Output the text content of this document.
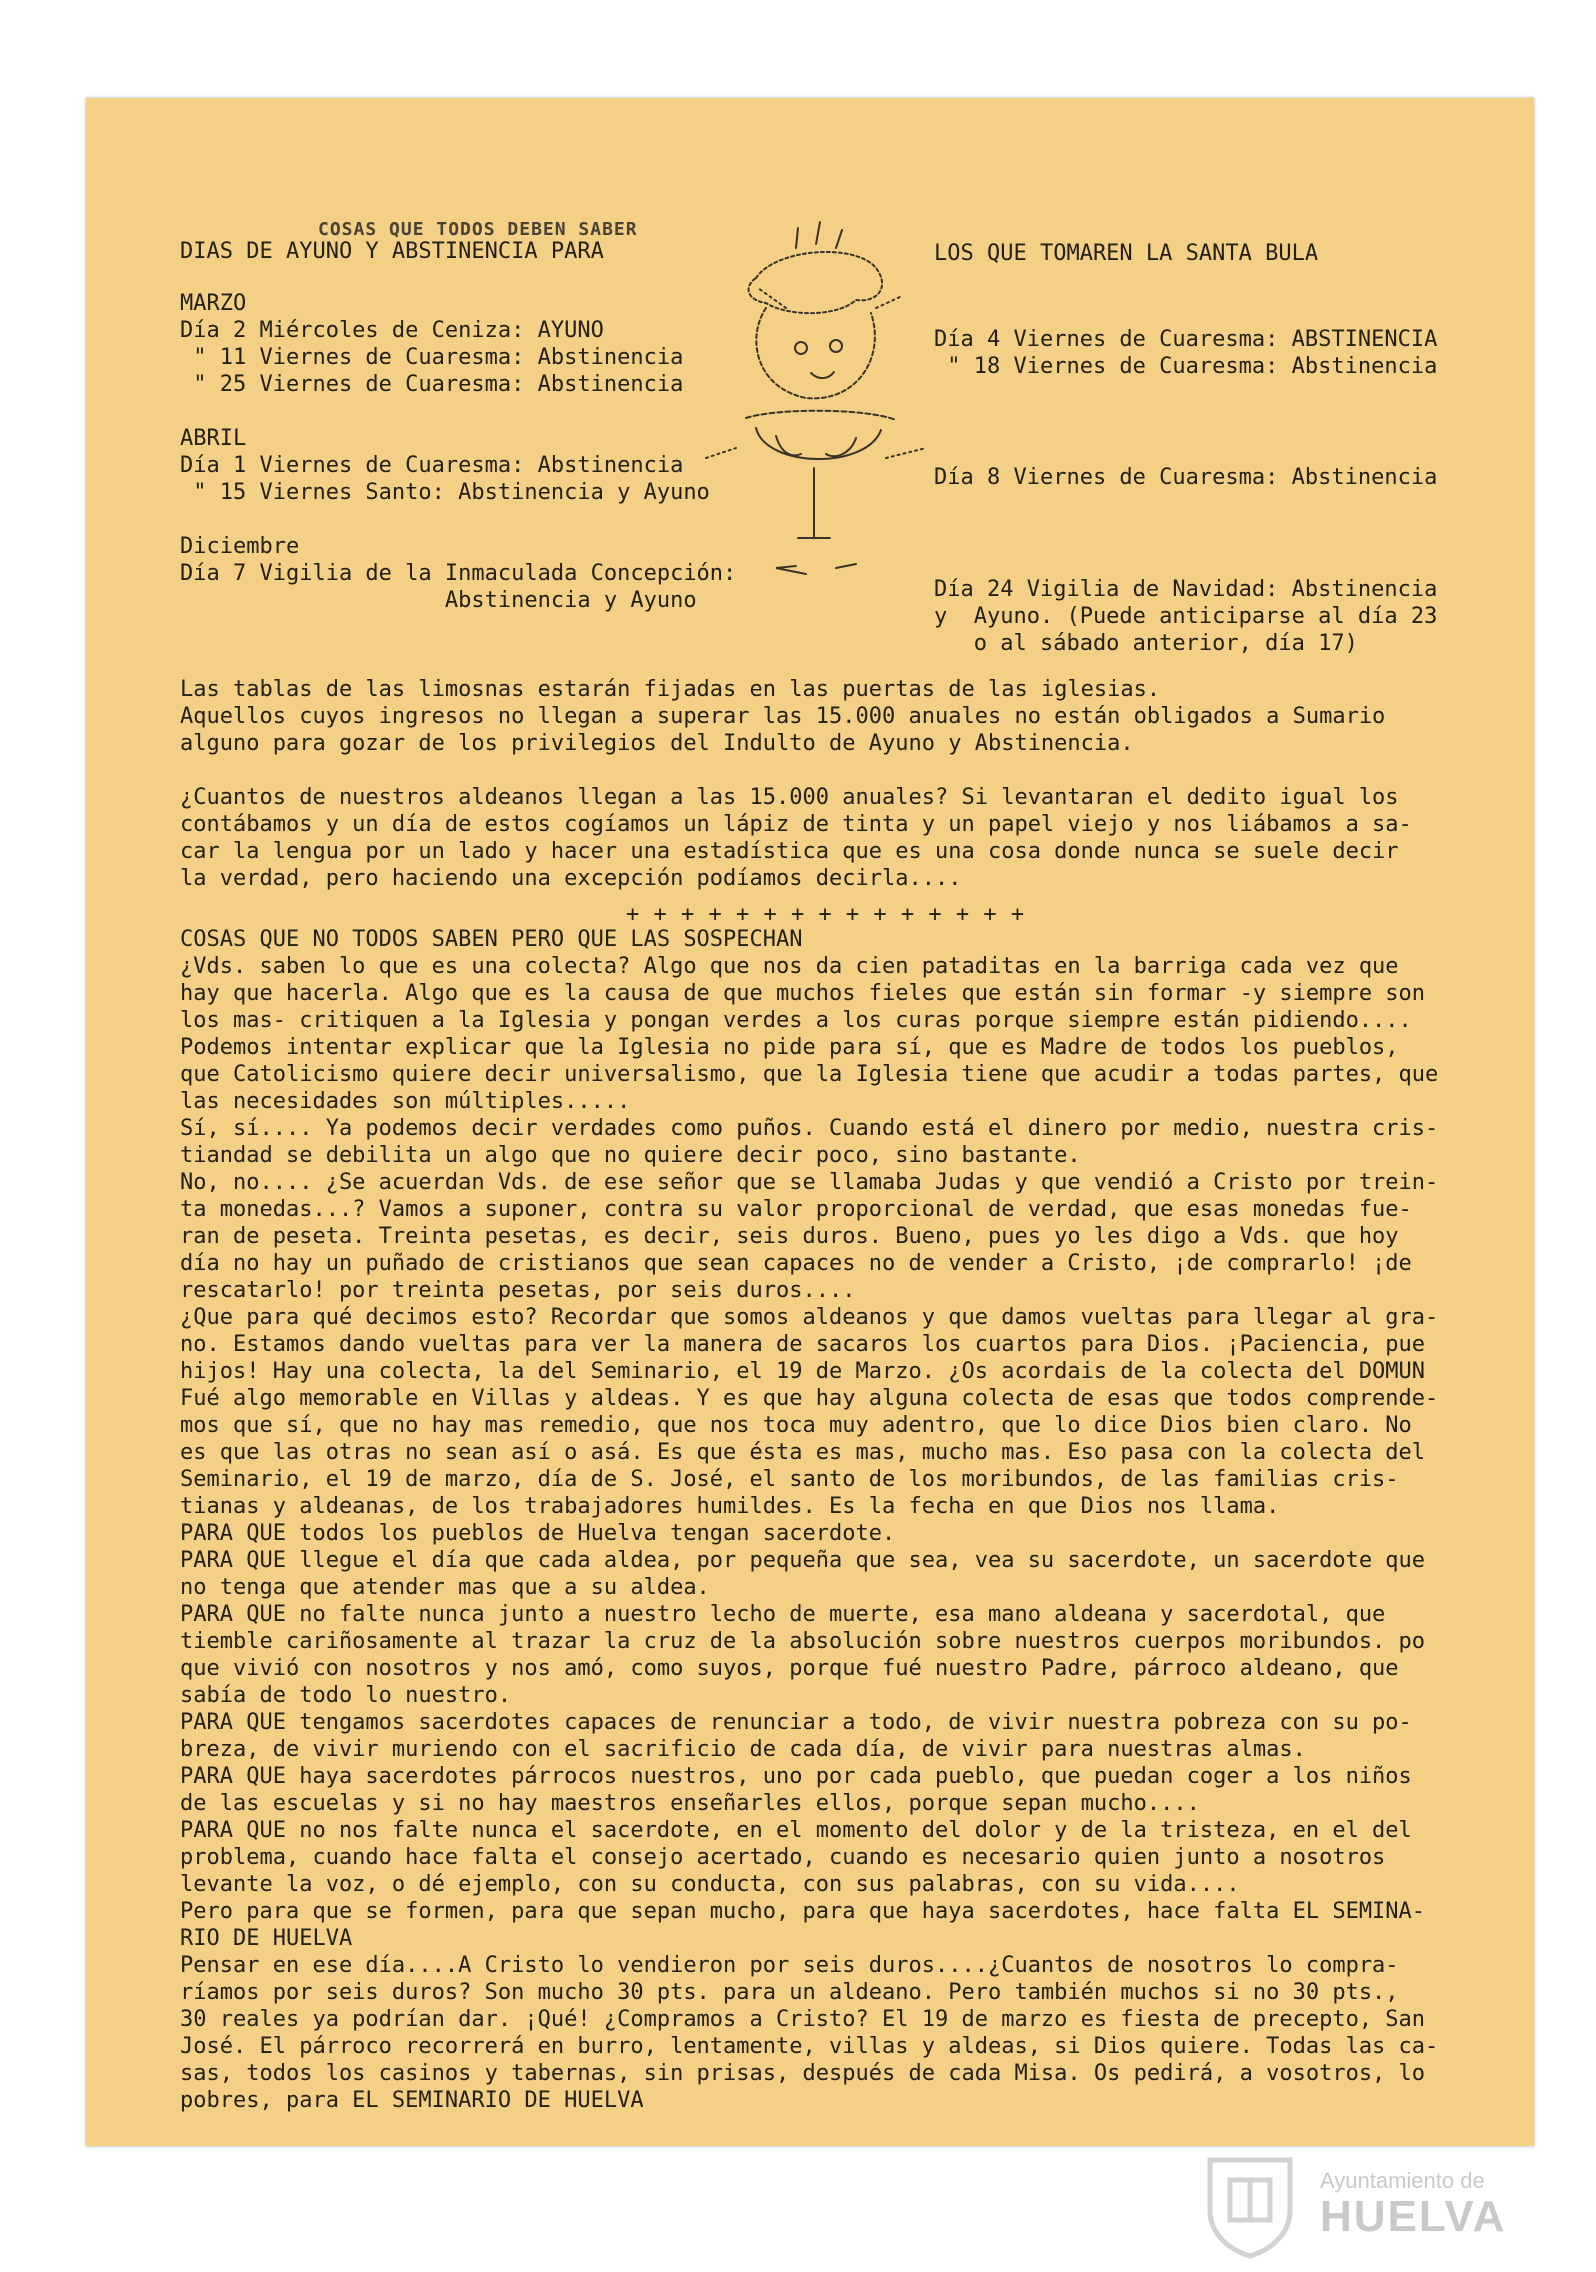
COSAS QUE TODOS DEBEN SABER
DIAS DE AYUNO Y ABSTINENCIA PARA	LOS QUE TOMAREN LA SANTA BULA
MARZO
Día 2 Miércoles de Ceniza: AYUNO
" 11 Viernes de Cuaresma: Abstinencia
" 25 Viernes de Cuaresma: Abstinencia
ABRIL
Día 1 Viernes de Cuaresma: Abstinencia
" 15 Viernes Santo: Abstinencia y Ayuno
Diciembre
Día 7 Vigilia de la Inmaculada Concepción:
Abstinencia y Ayuno
Día 4 Viernes de Cuaresma: ABSTINENCIA
" 18 Viernes de Cuaresma: Abstinencia
Día 8 Viernes de Cuaresma: Abstinencia
Día 24 Vigilia de Navidad: Abstinencia
y  Ayuno. (Puede anticiparse al día 23
o al sábado anterior, día 17)
Las tablas de las limosnas estarán fijadas en las puertas de las iglesias.
Aquellos cuyos ingresos no llegan a superar las 15.000 anuales no están obligados a Sumario
alguno para gozar de los privilegios del Indulto de Ayuno y Abstinencia.
¿Cuantos de nuestros aldeanos llegan a las 15.000 anuales? Si levantaran el dedito igual los
contábamos y un día de estos cogíamos un lápiz de tinta y un papel viejo y nos liábamos a sa-
car la lengua por un lado y hacer una estadística que es una cosa donde nunca se suele decir
la verdad, pero haciendo una excepción podíamos decirla....
+ + + + + + + + + + + + + + +
COSAS QUE NO TODOS SABEN PERO QUE LAS SOSPECHAN
¿Vds. saben lo que es una colecta? Algo que nos da cien pataditas en la barriga cada vez que
hay que hacerla. Algo que es la causa de que muchos fieles que están sin formar -y siempre son
los mas- critiquen a la Iglesia y pongan verdes a los curas porque siempre están pidiendo....
Podemos intentar explicar que la Iglesia no pide para sí, que es Madre de todos los pueblos,
que Catolicismo quiere decir universalismo, que la Iglesia tiene que acudir a todas partes, que
las necesidades son múltiples.....
Sí, sí.... Ya podemos decir verdades como puños. Cuando está el dinero por medio, nuestra cris-
tiandad se debilita un algo que no quiere decir poco, sino bastante.
No, no.... ¿Se acuerdan Vds. de ese señor que se llamaba Judas y que vendió a Cristo por trein-
ta monedas...? Vamos a suponer, contra su valor proporcional de verdad, que esas monedas fue-
ran de peseta. Treinta pesetas, es decir, seis duros. Bueno, pues yo les digo a Vds. que hoy
día no hay un puñado de cristianos que sean capaces no de vender a Cristo, ¡de comprarlo! ¡de
rescatarlo! por treinta pesetas, por seis duros....
¿Que para qué decimos esto? Recordar que somos aldeanos y que damos vueltas para llegar al gra-
no. Estamos dando vueltas para ver la manera de sacaros los cuartos para Dios. ¡Paciencia, pue
hijos! Hay una colecta, la del Seminario, el 19 de Marzo. ¿Os acordais de la colecta del DOMUN
Fué algo memorable en Villas y aldeas. Y es que hay alguna colecta de esas que todos comprende-
mos que sí, que no hay mas remedio, que nos toca muy adentro, que lo dice Dios bien claro. No
es que las otras no sean así o asá. Es que ésta es mas, mucho mas. Eso pasa con la colecta del
Seminario, el 19 de marzo, día de S. José, el santo de los moribundos, de las familias cris-
tianas y aldeanas, de los trabajadores humildes. Es la fecha en que Dios nos llama.
PARA QUE todos los pueblos de Huelva tengan sacerdote.
PARA QUE llegue el día que cada aldea, por pequeña que sea, vea su sacerdote, un sacerdote que
no tenga que atender mas que a su aldea.
PARA QUE no falte nunca junto a nuestro lecho de muerte, esa mano aldeana y sacerdotal, que
tiemble cariñosamente al trazar la cruz de la absolución sobre nuestros cuerpos moribundos. po
que vivió con nosotros y nos amó, como suyos, porque fué nuestro Padre, párroco aldeano, que
sabía de todo lo nuestro.
PARA QUE tengamos sacerdotes capaces de renunciar a todo, de vivir nuestra pobreza con su po-
breza, de vivir muriendo con el sacrificio de cada día, de vivir para nuestras almas.
PARA QUE haya sacerdotes párrocos nuestros, uno por cada pueblo, que puedan coger a los niños
de las escuelas y si no hay maestros enseñarles ellos, porque sepan mucho....
PARA QUE no nos falte nunca el sacerdote, en el momento del dolor y de la tristeza, en el del
problema, cuando hace falta el consejo acertado, cuando es necesario quien junto a nosotros
levante la voz, o dé ejemplo, con su conducta, con sus palabras, con su vida....
Pero para que se formen, para que sepan mucho, para que haya sacerdotes, hace falta EL SEMINA-
RIO DE HUELVA
Pensar en ese día....A Cristo lo vendieron por seis duros....¿Cuantos de nosotros lo compra-
ríamos por seis duros? Son mucho 30 pts. para un aldeano. Pero también muchos si no 30 pts.,
30 reales ya podrían dar. ¡Qué! ¿Compramos a Cristo? El 19 de marzo es fiesta de precepto, San
José. El párroco recorrerá en burro, lentamente, villas y aldeas, si Dios quiere. Todas las ca-
sas, todos los casinos y tabernas, sin prisas, después de cada Misa. Os pedirá, a vosotros, lo
pobres, para EL SEMINARIO DE HUELVA
Ayuntamiento de
HUELVA
